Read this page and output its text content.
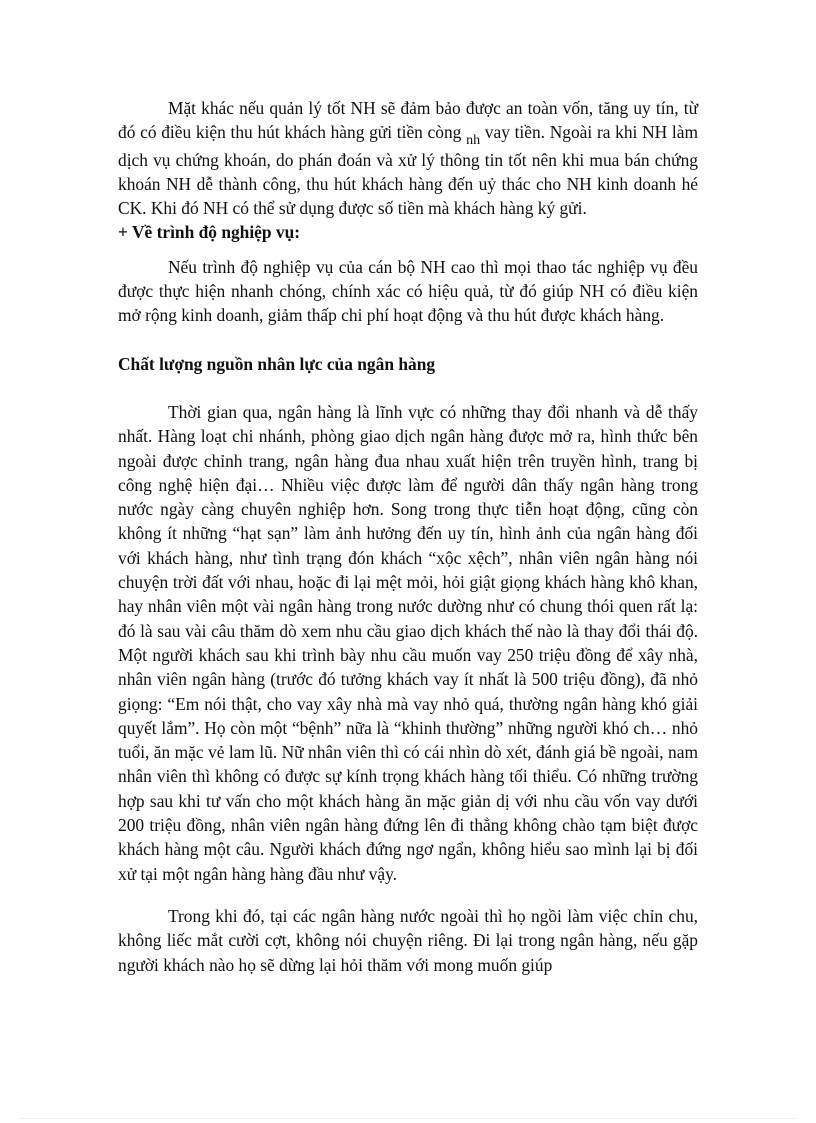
Mặt khác nếu quản lý tốt NH sẽ đảm bảo được an toàn vốn, tăng uy tín, từ đó có điều kiện thu hút khách hàng gửi tiền còng $_{nh}$ vay tiền. Ngoài ra khi NH làm dịch vụ chứng khoán, do phán đoán và xử lý thông tin tốt nên khi mua bán chứng khoán NH dễ thành công, thu hút khách hàng đến uỷ thác cho NH kinh doanh hé CK. Khi đó NH có thể sử dụng được số tiền mà khách hàng ký gửi.

+ Về trình độ nghiệp vụ:

Nếu trình độ nghiệp vụ của cán bộ NH cao thì mọi thao tác nghiệp vụ đều được thực hiện nhanh chóng, chính xác có hiệu quả, từ đó giúp NH có điều kiện mở rộng kinh doanh, giảm thấp chi phí hoạt động và thu hút được khách hàng.

Chất lượng nguồn nhân lực của ngân hàng

Thời gian qua, ngân hàng là lĩnh vực có những thay đổi nhanh và dễ thấy nhất. Hàng loạt chi nhánh, phòng giao dịch ngân hàng được mở ra, hình thức bên ngoài được chỉnh trang, ngân hàng đua nhau xuất hiện trên truyền hình, trang bị công nghệ hiện đại… Nhiều việc được làm để người dân thấy ngân hàng trong nước ngày càng chuyên nghiệp hơn. Song trong thực tiễn hoạt động, cũng còn không ít những “hạt sạn” làm ảnh hưởng đến uy tín, hình ảnh của ngân hàng đối với khách hàng, như tình trạng đón khách “xộc xệch”, nhân viên ngân hàng nói chuyện trời đất với nhau, hoặc đi lại mệt mỏi, hỏi giật giọng khách hàng khô khan, hay nhân viên một vài ngân hàng trong nước dường như có chung thói quen rất lạ: đó là sau vài câu thăm dò xem nhu cầu giao dịch khách thế nào là thay đổi thái độ. Một người khách sau khi trình bày nhu cầu muốn vay 250 triệu đồng để xây nhà, nhân viên ngân hàng (trước đó tưởng khách vay ít nhất là 500 triệu đồng), đã nhỏ giọng: “Em nói thật, cho vay xây nhà mà vay nhỏ quá, thường ngân hàng khó giải quyết lắm”. Họ còn một “bệnh” nữa là “khinh thường” những người khó ch… nhỏ tuổi, ăn mặc vẻ lam lũ. Nữ nhân viên thì có cái nhìn dò xét, đánh giá bề ngoài, nam nhân viên thì không có được sự kính trọng khách hàng tối thiểu. Có những trường hợp sau khi tư vấn cho một khách hàng ăn mặc giản dị với nhu cầu vốn vay dưới 200 triệu đồng, nhân viên ngân hàng đứng lên đi thẳng không chào tạm biệt được khách hàng một câu. Người khách đứng ngơ ngẩn, không hiểu sao mình lại bị đối xử tại một ngân hàng hàng đầu như vậy.

Trong khi đó, tại các ngân hàng nước ngoài thì họ ngồi làm việc chỉn chu, không liếc mắt cười cợt, không nói chuyện riêng. Đi lại trong ngân hàng, nếu gặp người khách nào họ sẽ dừng lại hỏi thăm với mong muốn giúp
